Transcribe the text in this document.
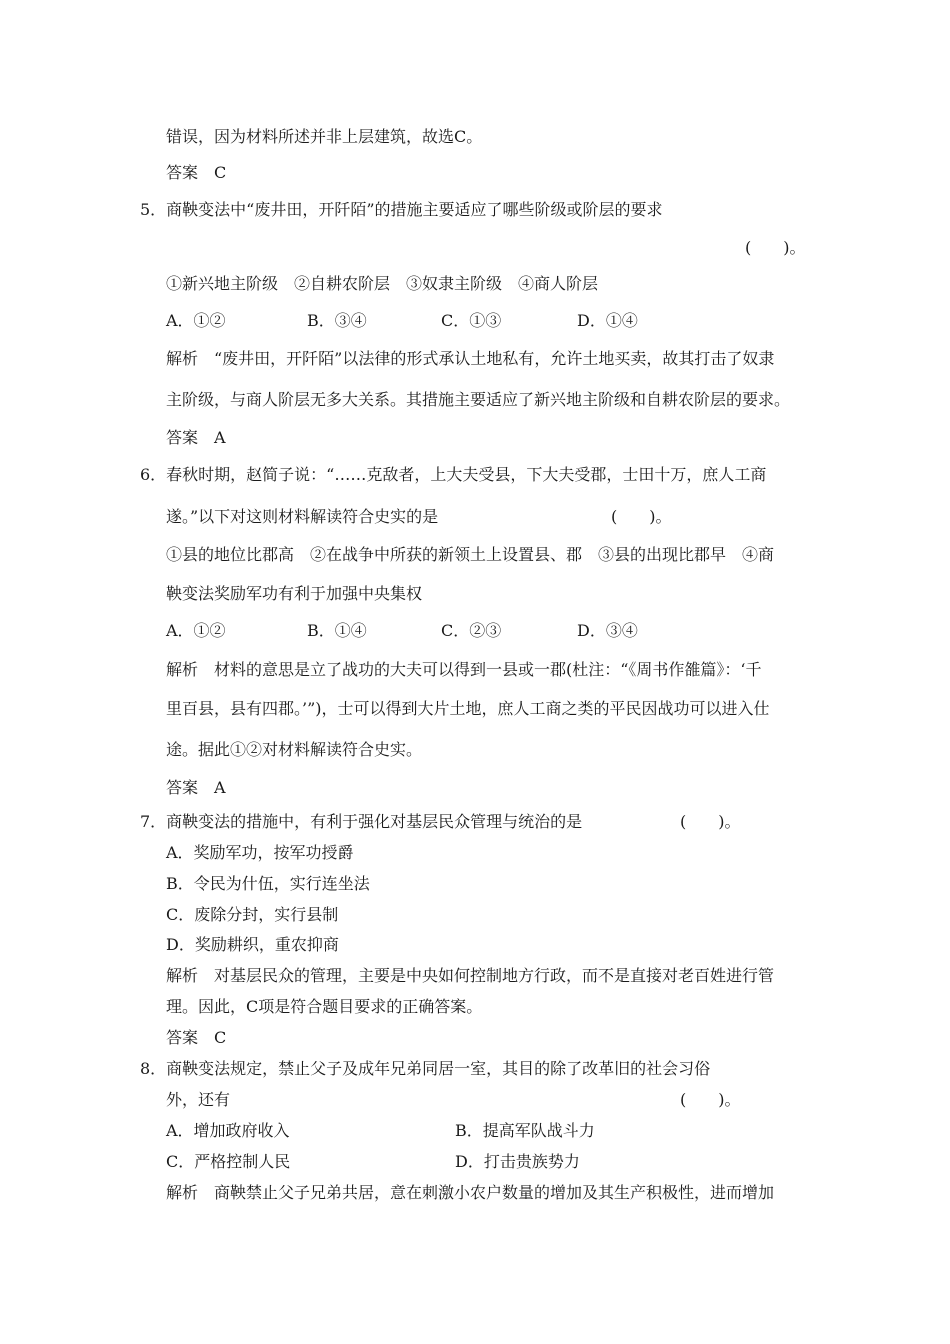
错误，因为材料所述并非上层建筑，故选C。
答案　C
5．商鞅变法中“废井田，开阡陌”的措施主要适应了哪些阶级或阶层的要求
(　　)。
①新兴地主阶级　②自耕农阶层　③奴隶主阶级　④商人阶层
A．①②	B．③④	C．①③	D．①④
解析　“废井田，开阡陌”以法律的形式承认土地私有，允许土地买卖，故其打击了奴隶
主阶级，与商人阶层无多大关系。其措施主要适应了新兴地主阶级和自耕农阶层的要求。
答案　A
6．春秋时期，赵简子说：“……克敌者，上大夫受县，下大夫受郡，士田十万，庶人工商
遂。”以下对这则材料解读符合史实的是	(　　)。
①县的地位比郡高　②在战争中所获的新领土上设置县、郡　③县的出现比郡早　④商
鞅变法奖励军功有利于加强中央集权
A．①②	B．①④	C．②③	D．③④
解析　材料的意思是立了战功的大夫可以得到一县或一郡(杜注：“《周书作雒篇》：‘千
里百县，县有四郡。’”)，士可以得到大片土地，庶人工商之类的平民因战功可以进入仕
途。据此①②对材料解读符合史实。
答案　A
7．商鞅变法的措施中，有利于强化对基层民众管理与统治的是	(　　)。
A．奖励军功，按军功授爵
B．令民为什伍，实行连坐法
C．废除分封，实行县制
D．奖励耕织，重农抑商
解析　对基层民众的管理，主要是中央如何控制地方行政，而不是直接对老百姓进行管
理。因此，C项是符合题目要求的正确答案。
答案　C
8．商鞅变法规定，禁止父子及成年兄弟同居一室，其目的除了改革旧的社会习俗
外，还有	(　　)。
A．增加政府收入	B．提高军队战斗力
C．严格控制人民	D．打击贵族势力
解析　商鞅禁止父子兄弟共居，意在刺激小农户数量的增加及其生产积极性，进而增加
